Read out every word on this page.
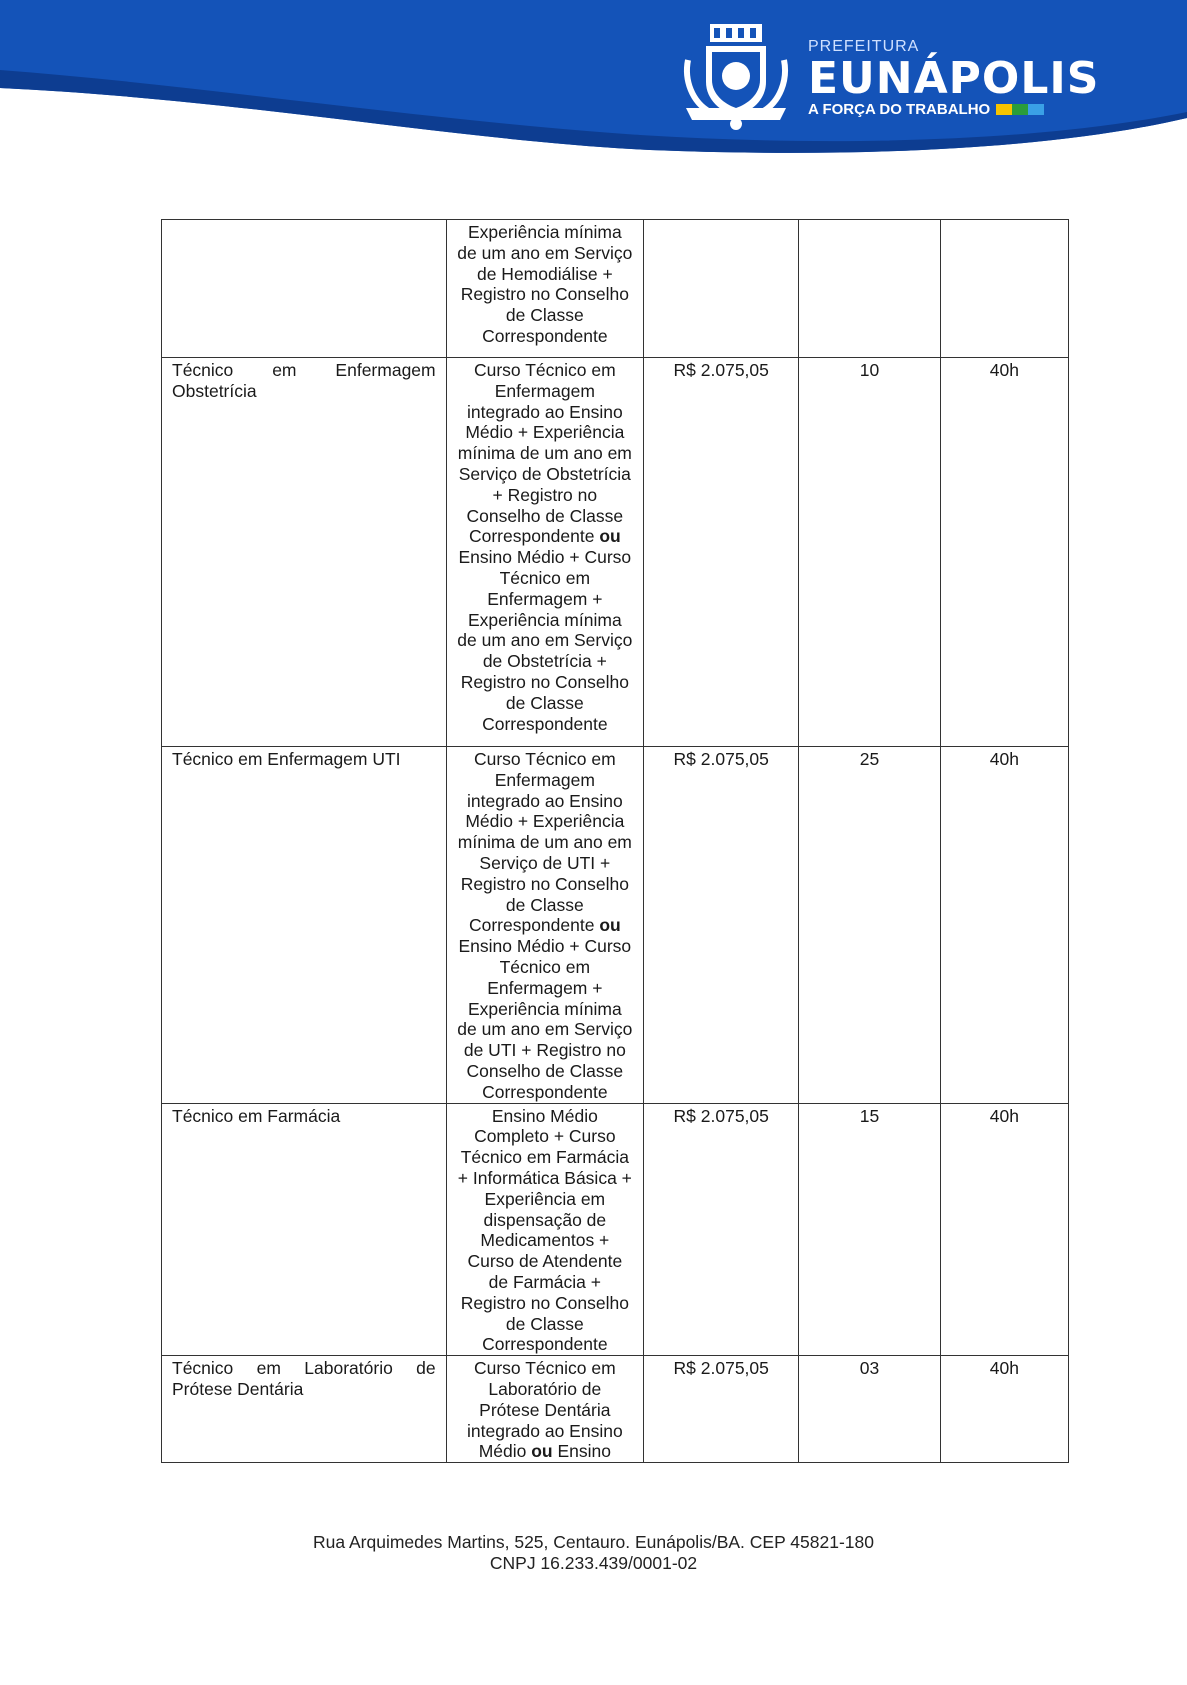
PREFEITURA
EUNÁPOLIS
A FORÇA DO TRABALHO
	Experiência mínima de um ano em Serviço de Hemodiálise + Registro no Conselho de Classe Correspondente			
Técnico em Enfermagem Obstetrícia	Curso Técnico em Enfermagem integrado ao Ensino Médio + Experiência mínima de um ano em Serviço de Obstetrícia + Registro no Conselho de Classe Correspondente ou Ensino Médio + Curso Técnico em Enfermagem + Experiência mínima de um ano em Serviço de Obstetrícia + Registro no Conselho de Classe Correspondente	R$ 2.075,05	10	40h
Técnico em Enfermagem UTI	Curso Técnico em Enfermagem integrado ao Ensino Médio + Experiência mínima de um ano em Serviço de UTI + Registro no Conselho de Classe Correspondente ou Ensino Médio + Curso Técnico em Enfermagem + Experiência mínima de um ano em Serviço de UTI + Registro no Conselho de Classe Correspondente	R$ 2.075,05	25	40h
Técnico em Farmácia	Ensino Médio Completo + Curso Técnico em Farmácia + Informática Básica + Experiência em dispensação de Medicamentos + Curso de Atendente de Farmácia + Registro no Conselho de Classe Correspondente	R$ 2.075,05	15	40h
Técnico em Laboratório de Prótese Dentária	Curso Técnico em Laboratório de Prótese Dentária integrado ao Ensino Médio ou Ensino	R$ 2.075,05	03	40h
Rua Arquimedes Martins, 525, Centauro. Eunápolis/BA. CEP 45821-180
CNPJ 16.233.439/0001-02
